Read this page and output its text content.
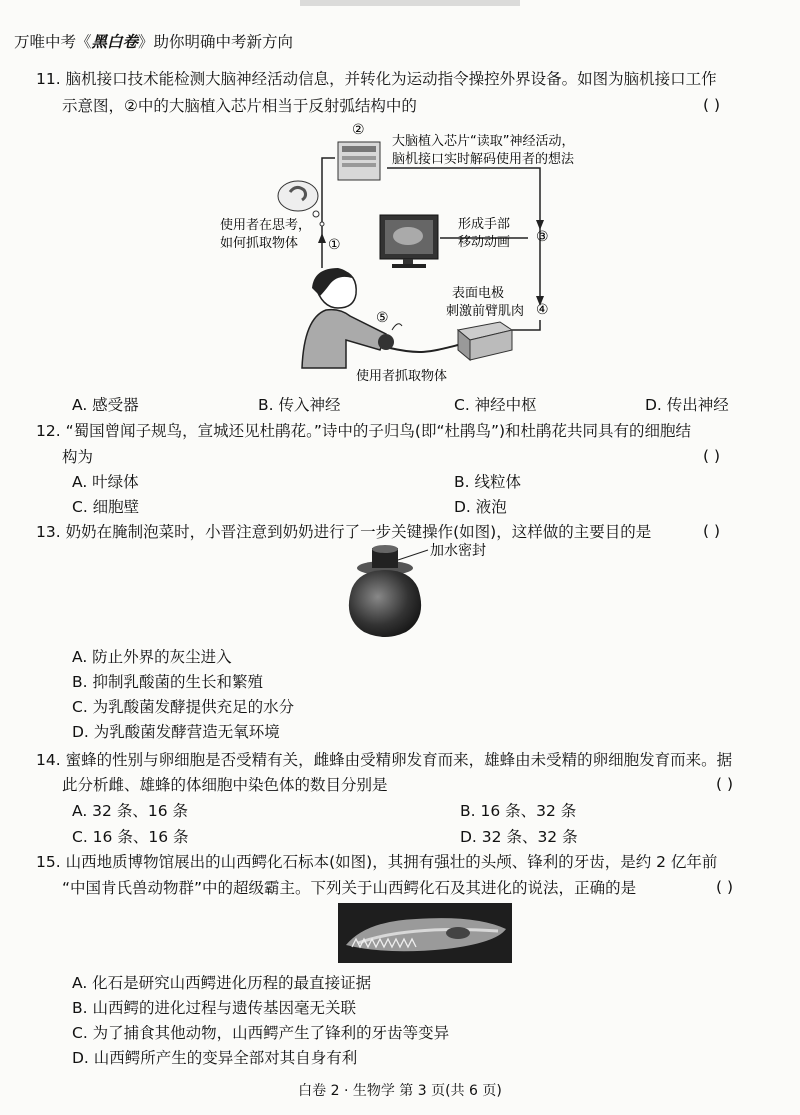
万唯中考《黑白卷》助你明确中考新方向
11. 脑机接口技术能检测大脑神经活动信息，并转化为运动指令操控外界设备。如图为脑机接口工作
示意图，②中的大脑植入芯片相当于反射弧结构中的	( )
②
大脑植入芯片“读取”神经活动，
脑机接口实时解码使用者的想法
形成手部
移动动画 ③
表面电极
刺激前臂肌肉 ④
使用者在思考，
如何抓取物体 ①
⑤
使用者抓取物体
A. 感受器	B. 传入神经	C. 神经中枢	D. 传出神经
12. “蜀国曾闻子规鸟，宣城还见杜鹃花。”诗中的子归鸟(即“杜鹃鸟”)和杜鹃花共同具有的细胞结
构为	( )
A. 叶绿体	B. 线粒体
C. 细胞壁	D. 液泡
13. 奶奶在腌制泡菜时，小晋注意到奶奶进行了一步关键操作(如图)，这样做的主要目的是	( )
加水密封
A. 防止外界的灰尘进入
B. 抑制乳酸菌的生长和繁殖
C. 为乳酸菌发酵提供充足的水分
D. 为乳酸菌发酵营造无氧环境
14. 蜜蜂的性别与卵细胞是否受精有关，雌蜂由受精卵发育而来，雄蜂由未受精的卵细胞发育而来。据
此分析雌、雄蜂的体细胞中染色体的数目分别是	( )
A. 32 条、16 条	B. 16 条、32 条
C. 16 条、16 条	D. 32 条、32 条
15. 山西地质博物馆展出的山西鳄化石标本(如图)，其拥有强壮的头颅、锋利的牙齿，是约 2 亿年前
“中国肯氏兽动物群”中的超级霸主。下列关于山西鳄化石及其进化的说法，正确的是	( )
A. 化石是研究山西鳄进化历程的最直接证据
B. 山西鳄的进化过程与遗传基因毫无关联
C. 为了捕食其他动物，山西鳄产生了锋利的牙齿等变异
D. 山西鳄所产生的变异全部对其自身有利
白卷 2 · 生物学 第 3 页(共 6 页)
